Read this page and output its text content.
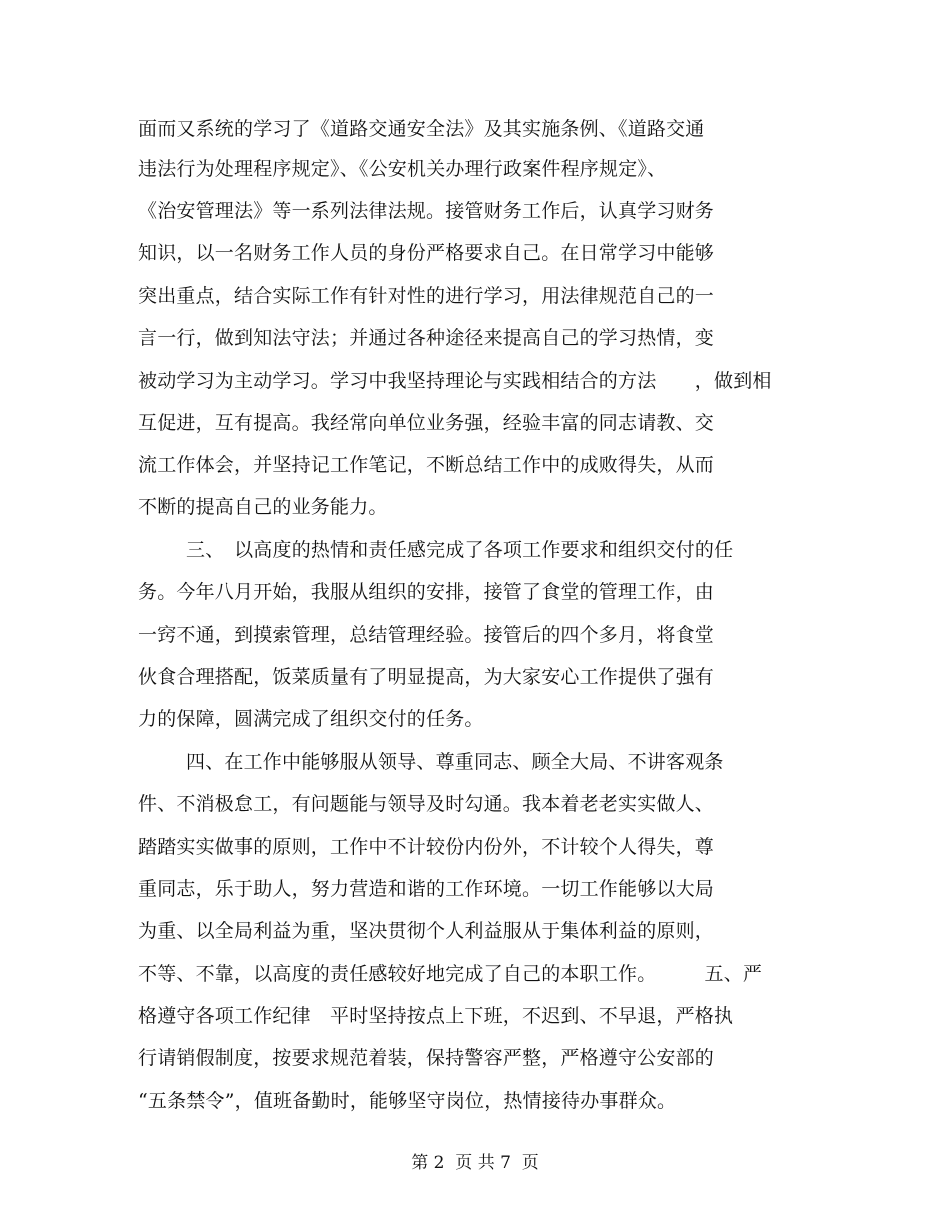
面而又系统的学习了《道路交通安全法》及其实施条例、《道路交通
违法行为处理程序规定》、《公安机关办理行政案件程序规定》、
《治安管理法》等一系列法律法规。接管财务工作后，认真学习财务
知识，以一名财务工作人员的身份严格要求自己。在日常学习中能够
突出重点，结合实际工作有针对性的进行学习，用法律规范自己的一
言一行，做到知法守法；并通过各种途径来提高自己的学习热情，变
被动学习为主动学习。学习中我坚持理论与实践相结合的方法　　，做到相
互促进，互有提高。我经常向单位业务强，经验丰富的同志请教、交
流工作体会，并坚持记工作笔记，不断总结工作中的成败得失，从而
不断的提高自己的业务能力。
三、　以高度的热情和责任感完成了各项工作要求和组织交付的任
务。今年八月开始，我服从组织的安排，接管了食堂的管理工作，由
一窍不通，到摸索管理，总结管理经验。接管后的四个多月，将食堂
伙食合理搭配，饭菜质量有了明显提高，为大家安心工作提供了强有
力的保障，圆满完成了组织交付的任务。
四、在工作中能够服从领导、尊重同志、顾全大局、不讲客观条
件、不消极怠工，有问题能与领导及时勾通。我本着老老实实做人、
踏踏实实做事的原则，工作中不计较份内份外，不计较个人得失，尊
重同志，乐于助人，努力营造和谐的工作环境。一切工作能够以大局
为重、以全局利益为重，坚决贯彻个人利益服从于集体利益的原则，
不等、不靠，以高度的责任感较好地完成了自己的本职工作。　　　五、严
格遵守各项工作纪律　平时坚持按点上下班，不迟到、不早退，严格执
行请销假制度，按要求规范着装，保持警容严整，严格遵守公安部的
“五条禁令”，值班备勤时，能够坚守岗位，热情接待办事群众。
第 2  页 共 7  页
